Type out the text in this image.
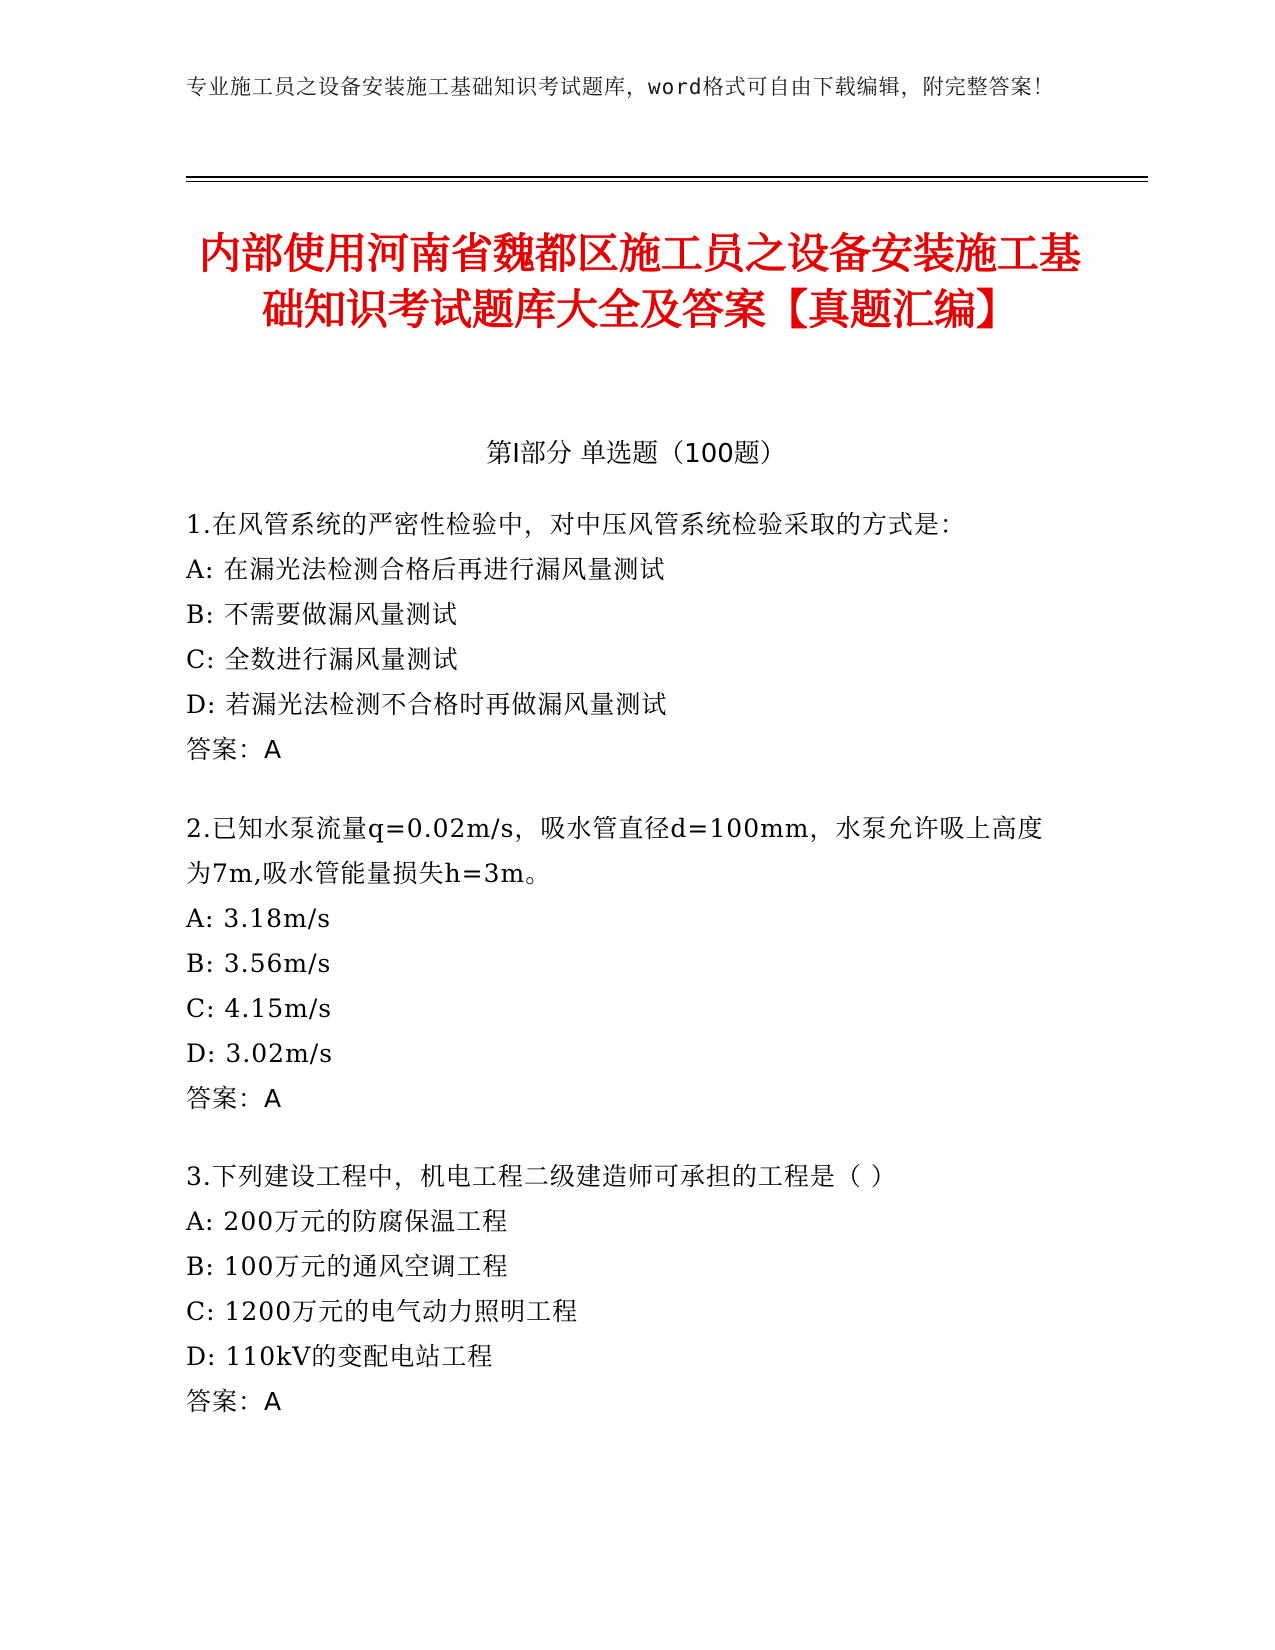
专业施工员之设备安装施工基础知识考试题库，word格式可自由下载编辑，附完整答案！
内部使用河南省魏都区施工员之设备安装施工基础知识考试题库大全及答案【真题汇编】
第Ⅰ部分 单选题（100题）
1.在风管系统的严密性检验中，对中压风管系统检验采取的方式是：
A: 在漏光法检测合格后再进行漏风量测试
B: 不需要做漏风量测试
C: 全数进行漏风量测试
D: 若漏光法检测不合格时再做漏风量测试
答案：A
2.已知水泵流量q=0.02m/s，吸水管直径d=100mm，水泵允许吸上高度为7m,吸水管能量损失h=3m。
A: 3.18m/s
B: 3.56m/s
C: 4.15m/s
D: 3.02m/s
答案：A
3.下列建设工程中，机电工程二级建造师可承担的工程是（ ）
A: 200万元的防腐保温工程
B: 100万元的通风空调工程
C: 1200万元的电气动力照明工程
D: 110kV的变配电站工程
答案：A
